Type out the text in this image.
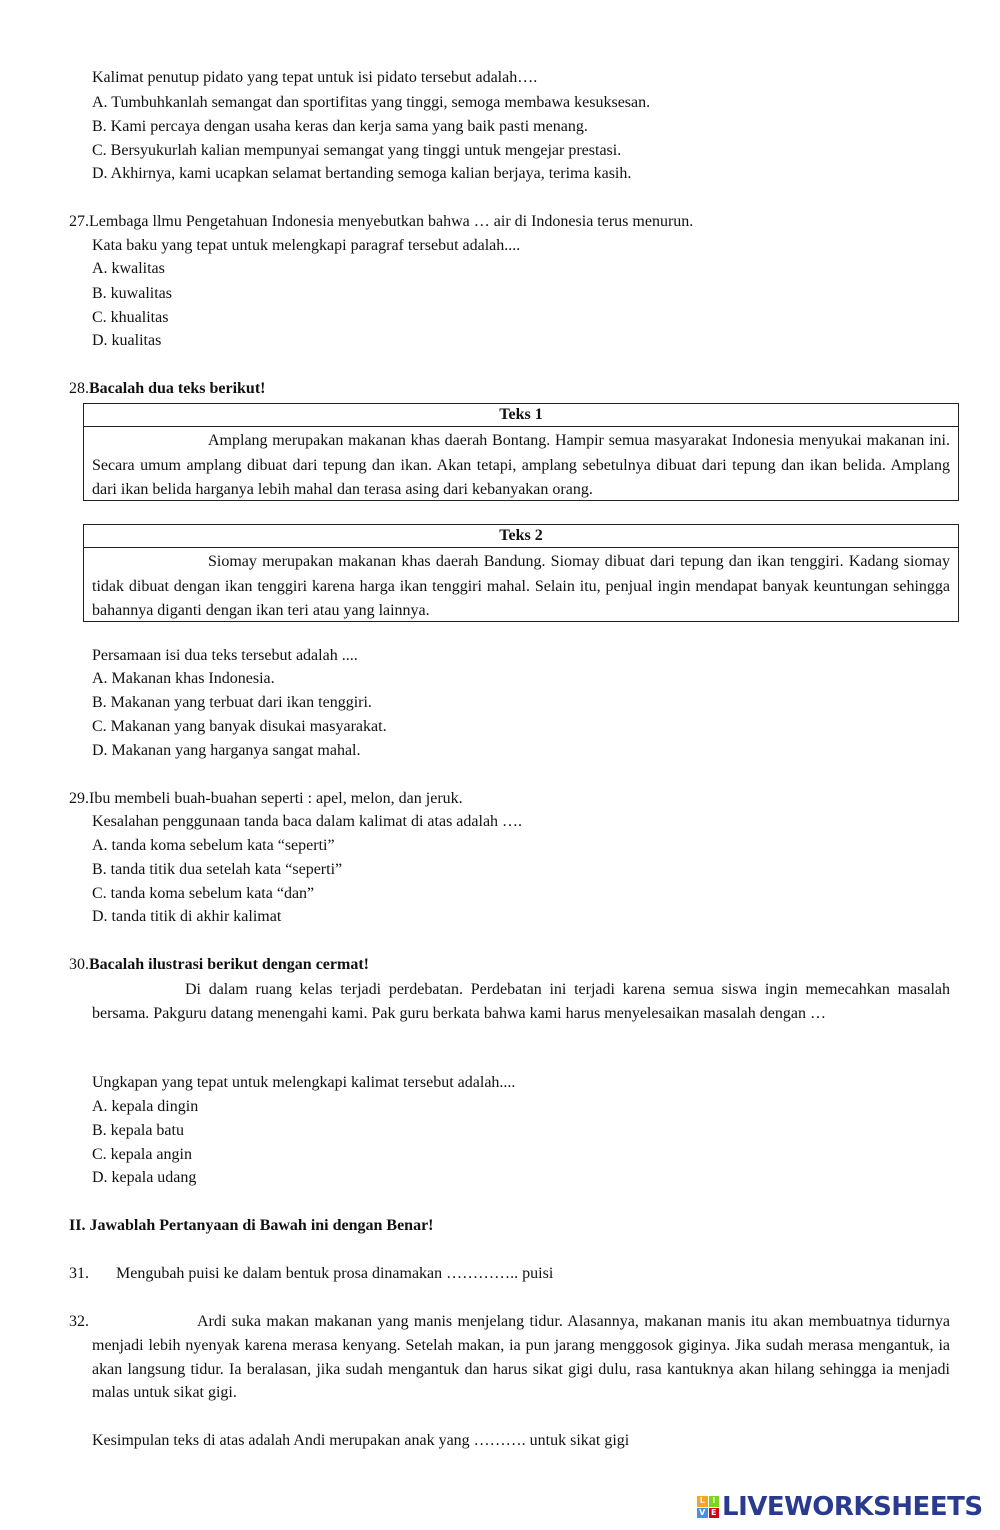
Kalimat penutup pidato yang tepat untuk isi pidato tersebut adalah….
A. Tumbuhkanlah semangat dan sportifitas yang tinggi, semoga membawa kesuksesan.
B. Kami percaya dengan usaha keras dan kerja sama yang baik pasti menang.
C. Bersyukurlah kalian mempunyai semangat yang tinggi untuk mengejar prestasi.
D. Akhirnya, kami ucapkan selamat bertanding semoga kalian berjaya, terima kasih.
27.Lembaga llmu Pengetahuan Indonesia menyebutkan bahwa … air di Indonesia terus menurun.
Kata baku yang tepat untuk melengkapi paragraf tersebut adalah....
A. kwalitas
B. kuwalitas
C. khualitas
D. kualitas
28.Bacalah dua teks berikut!
Teks 1
Amplang merupakan makanan khas daerah Bontang. Hampir semua masyarakat Indonesia menyukai makanan ini. Secara umum amplang dibuat dari tepung dan ikan. Akan tetapi, amplang sebetulnya dibuat dari tepung dan ikan belida. Amplang dari ikan belida harganya lebih mahal dan terasa asing dari kebanyakan orang.
Teks 2
Siomay merupakan makanan khas daerah Bandung. Siomay dibuat dari tepung dan ikan tenggiri. Kadang siomay tidak dibuat dengan ikan tenggiri karena harga ikan tenggiri mahal. Selain itu, penjual ingin mendapat banyak keuntungan sehingga bahannya diganti dengan ikan teri atau yang lainnya.
Persamaan isi dua teks tersebut adalah ....
A. Makanan khas Indonesia.
B. Makanan yang terbuat dari ikan tenggiri.
C. Makanan yang banyak disukai masyarakat.
D. Makanan yang harganya sangat mahal.
29.Ibu membeli buah-buahan seperti : apel, melon, dan jeruk.
Kesalahan penggunaan tanda baca dalam kalimat di atas adalah ….
A. tanda koma sebelum kata “seperti”
B. tanda titik dua setelah kata “seperti”
C. tanda koma sebelum kata “dan”
D. tanda titik di akhir kalimat
30.Bacalah ilustrasi berikut dengan cermat!
Di dalam ruang kelas terjadi perdebatan. Perdebatan ini terjadi karena semua siswa ingin memecahkan masalah bersama. Pakguru datang menengahi kami. Pak guru berkata bahwa kami harus menyelesaikan masalah dengan …
Ungkapan yang tepat untuk melengkapi kalimat tersebut adalah....
A. kepala dingin
B. kepala batu
C. kepala angin
D. kepala udang
II. Jawablah Pertanyaan di Bawah ini dengan Benar!
31. Mengubah puisi ke dalam bentuk prosa dinamakan ………….. puisi
32.	Ardi suka makan makanan yang manis menjelang tidur. Alasannya, makanan manis itu akan membuatnya tidurnya menjadi lebih nyenyak karena merasa kenyang. Setelah makan, ia pun jarang menggosok giginya. Jika sudah merasa mengantuk, ia akan langsung tidur. Ia beralasan, jika sudah mengantuk dan harus sikat gigi dulu, rasa kantuknya akan hilang sehingga ia menjadi malas untuk sikat gigi.
Kesimpulan teks di atas adalah Andi merupakan anak yang ………. untuk sikat gigi
L I
V E LIVEWORKSHEETS
